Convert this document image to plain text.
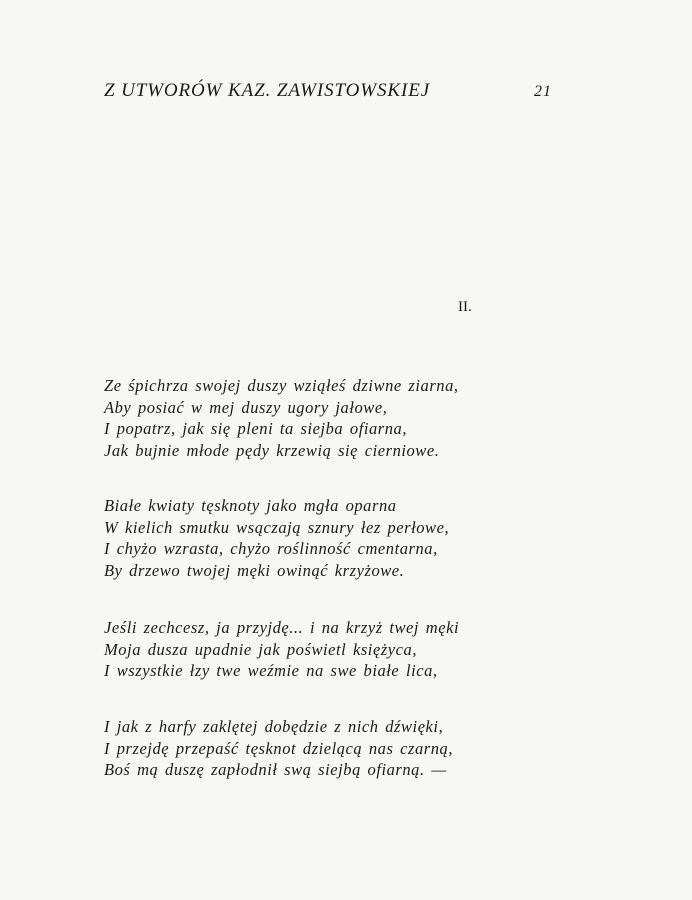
Z UTWORÓW KAZ. ZAWISTOWSKIEJ	21
II.
Ze śpichrza swojej duszy wziąłeś dziwne ziarna,
Aby posiać w mej duszy ugory jałowe,
I popatrz, jak się pleni ta siejba ofiarna,
Jak bujnie młode pędy krzewią się cierniowe.
Białe kwiaty tęsknoty jako mgła oparna
W kielich smutku wsączają sznury łez perłowe,
I chyżo wzrasta, chyżo roślinność cmentarna,
By drzewo twojej męki owinąć krzyżowe.
Jeśli zechcesz, ja przyjdę... i na krzyż twej męki
Moja dusza upadnie jak poświetl księżyca,
I wszystkie łzy twe weźmie na swe białe lica,
I jak z harfy zaklętej dobędzie z nich dźwięki,
I przejdę przepaść tęsknot dzielącą nas czarną,
Boś mą duszę zapłodnił swą siejbą ofiarną. —
